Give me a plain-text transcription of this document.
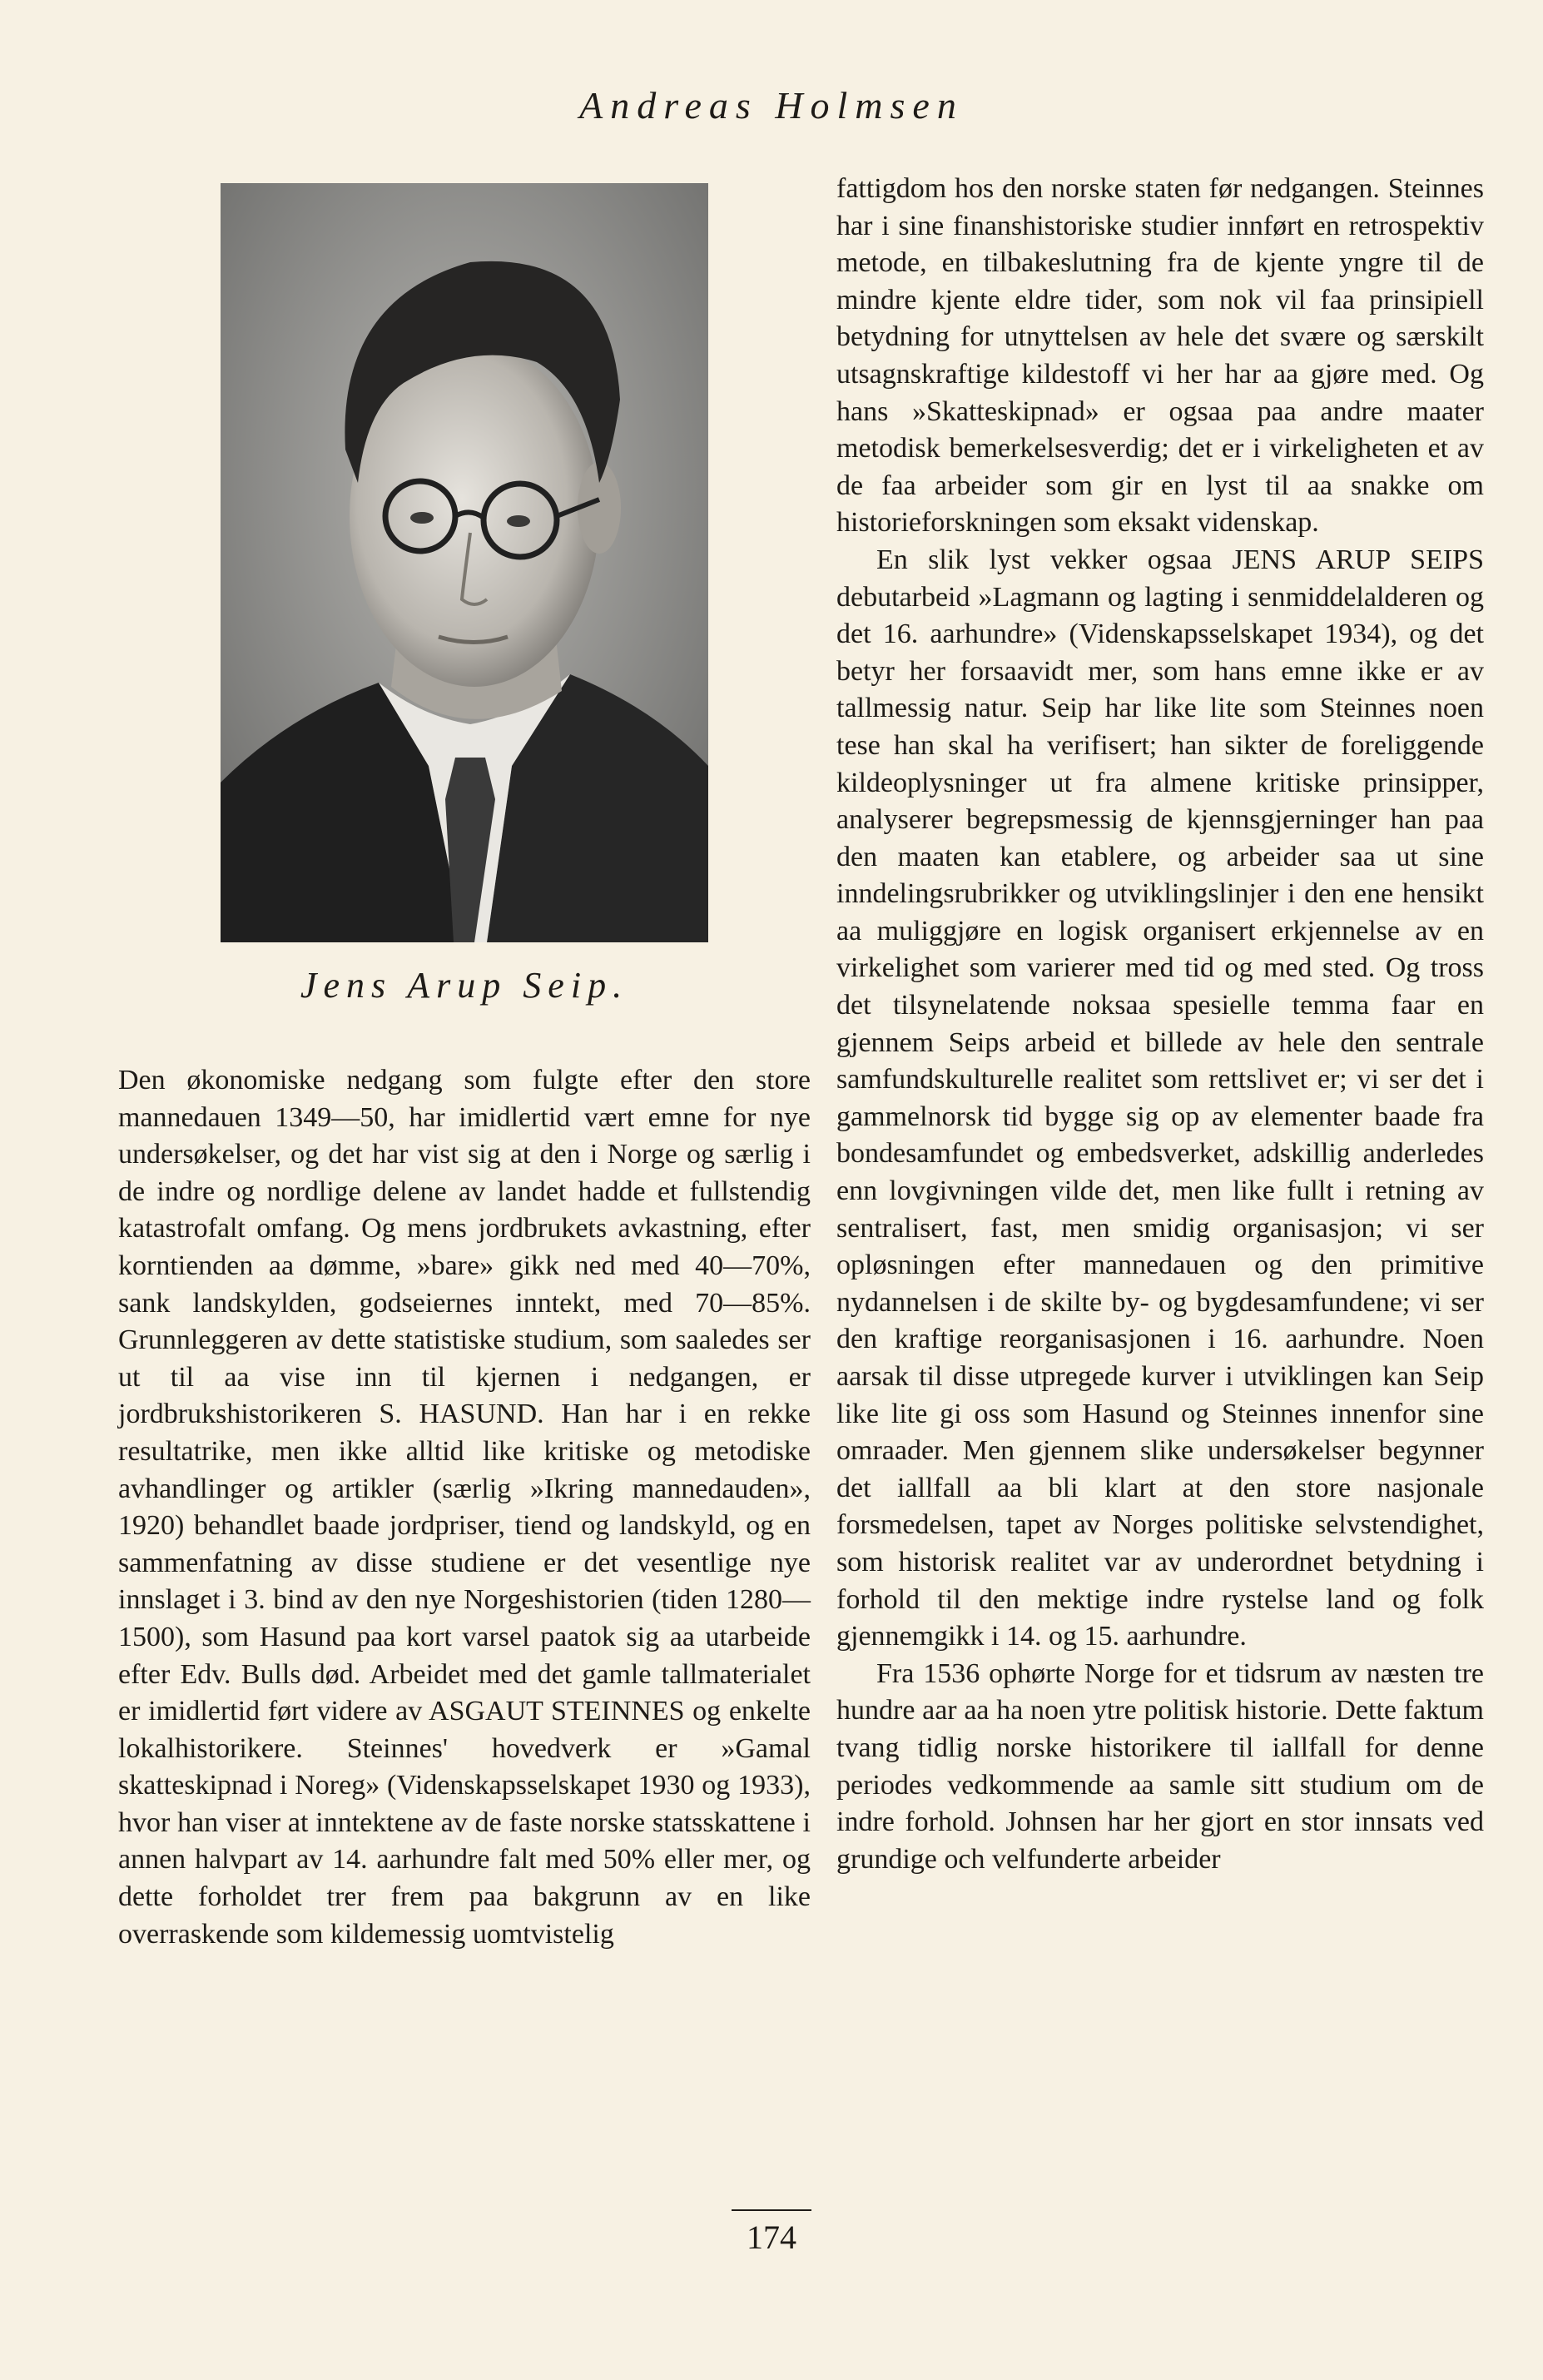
Andreas Holmsen
Jens Arup Seip.

Den økonomiske nedgang som fulgte efter den store mannedauen 1349—50, har imidlertid vært emne for nye undersøkelser, og det har vist sig at den i Norge og særlig i de indre og nordlige delene av landet hadde et fullstendig katastrofalt omfang. Og mens jordbrukets avkastning, efter korntienden aa dømme, »bare» gikk ned med 40—70%, sank landskylden, godseiernes inntekt, med 70—85%. Grunnleggeren av dette statistiske studium, som saaledes ser ut til aa vise inn til kjernen i nedgangen, er jordbrukshistorikeren S. HASUND. Han har i en rekke resultatrike, men ikke alltid like kritiske og metodiske avhandlinger og artikler (særlig »Ikring mannedauden», 1920) behandlet baade jordpriser, tiend og landskyld, og en sammenfatning av disse studiene er det vesentlige nye innslaget i 3. bind av den nye Norgeshistorien (tiden 1280—1500), som Hasund paa kort varsel paatok sig aa utarbeide efter Edv. Bulls død. Arbeidet med det gamle tallmaterialet er imidlertid ført videre av ASGAUT STEINNES og enkelte lokalhistorikere. Steinnes' hovedverk er »Gamal skatteskipnad i Noreg» (Videnskapsselskapet 1930 og 1933), hvor han viser at inntektene av de faste norske statsskattene i annen halvpart av 14. aarhundre falt med 50% eller mer, og dette forholdet trer frem paa bakgrunn av en like overraskende som kildemessig uomtvistelig

fattigdom hos den norske staten før nedgangen. Steinnes har i sine finanshistoriske studier innført en retrospektiv metode, en tilbakeslutning fra de kjente yngre til de mindre kjente eldre tider, som nok vil faa prinsipiell betydning for utnyttelsen av hele det svære og særskilt utsagnskraftige kildestoff vi her har aa gjøre med. Og hans »Skatteskipnad» er ogsaa paa andre maater metodisk bemerkelsesverdig; det er i virkeligheten et av de faa arbeider som gir en lyst til aa snakke om historieforskningen som eksakt videnskap.

En slik lyst vekker ogsaa JENS ARUP SEIPS debutarbeid »Lagmann og lagting i senmiddelalderen og det 16. aarhundre» (Videnskapsselskapet 1934), og det betyr her forsaavidt mer, som hans emne ikke er av tallmessig natur. Seip har like lite som Steinnes noen tese han skal ha verifisert; han sikter de foreliggende kildeoplysninger ut fra almene kritiske prinsipper, analyserer begrepsmessig de kjennsgjerninger han paa den maaten kan etablere, og arbeider saa ut sine inndelingsrubrikker og utviklingslinjer i den ene hensikt aa muliggjøre en logisk organisert erkjennelse av en virkelighet som varierer med tid og med sted. Og tross det tilsynelatende noksaa spesielle temma faar en gjennem Seips arbeid et billede av hele den sentrale samfundskulturelle realitet som rettslivet er; vi ser det i gammelnorsk tid bygge sig op av elementer baade fra bondesamfundet og embedsverket, adskillig anderledes enn lovgivningen vilde det, men like fullt i retning av sentralisert, fast, men smidig organisasjon; vi ser opløsningen efter mannedauen og den primitive nydannelsen i de skilte by- og bygdesamfundene; vi ser den kraftige reorganisasjonen i 16. aarhundre. Noen aarsak til disse utpregede kurver i utviklingen kan Seip like lite gi oss som Hasund og Steinnes innenfor sine omraader. Men gjennem slike undersøkelser begynner det iallfall aa bli klart at den store nasjonale forsmedelsen, tapet av Norges politiske selvstendighet, som historisk realitet var av underordnet betydning i forhold til den mektige indre rystelse land og folk gjennemgikk i 14. og 15. aarhundre.

Fra 1536 ophørte Norge for et tidsrum av næsten tre hundre aar aa ha noen ytre politisk historie. Dette faktum tvang tidlig norske historikere til iallfall for denne periodes vedkommende aa samle sitt studium om de indre forhold. Johnsen har her gjort en stor innsats ved grundige och velfunderte arbeider

174
